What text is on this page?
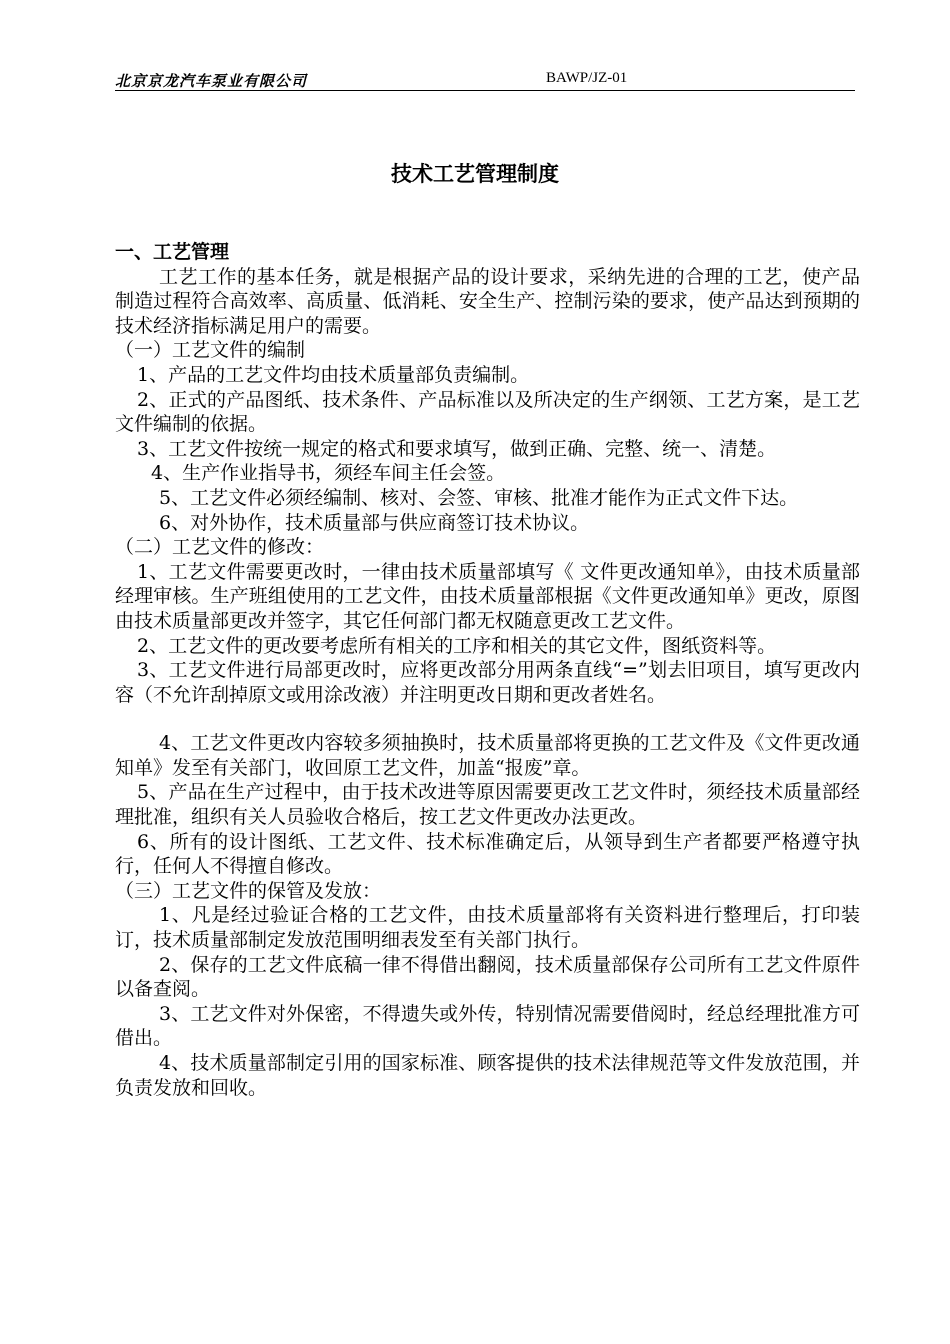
北京京龙汽车泵业有限公司	BAWP/JZ-01
技术工艺管理制度

一、工艺管理

工艺工作的基本任务，就是根据产品的设计要求，采纳先进的合理的工艺，使产品制造过程符合高效率、高质量、低消耗、安全生产、控制污染的要求，使产品达到预期的技术经济指标满足用户的需要。

（一）工艺文件的编制

1、产品的工艺文件均由技术质量部负责编制。

2、正式的产品图纸、技术条件、产品标准以及所决定的生产纲领、工艺方案，是工艺文件编制的依据。

3、工艺文件按统一规定的格式和要求填写，做到正确、完整、统一、清楚。

4、生产作业指导书，须经车间主任会签。

5、工艺文件必须经编制、核对、会签、审核、批准才能作为正式文件下达。

6、对外协作，技术质量部与供应商签订技术协议。

（二）工艺文件的修改：

1、工艺文件需要更改时，一律由技术质量部填写《 文件更改通知单》，由技术质量部经理审核。生产班组使用的工艺文件，由技术质量部根据《文件更改通知单》更改，原图由技术质量部更改并签字，其它任何部门都无权随意更改工艺文件。

2、工艺文件的更改要考虑所有相关的工序和相关的其它文件，图纸资料等。

3、工艺文件进行局部更改时，应将更改部分用两条直线“=”划去旧项目，填写更改内容（不允许刮掉原文或用涂改液）并注明更改日期和更改者姓名。

4、工艺文件更改内容较多须抽换时，技术质量部将更换的工艺文件及《文件更改通知单》发至有关部门，收回原工艺文件，加盖“报废”章。

5、产品在生产过程中，由于技术改进等原因需要更改工艺文件时，须经技术质量部经理批准，组织有关人员验收合格后，按工艺文件更改办法更改。

6、所有的设计图纸、工艺文件、技术标准确定后，从领导到生产者都要严格遵守执行，任何人不得擅自修改。

（三）工艺文件的保管及发放：

1、凡是经过验证合格的工艺文件，由技术质量部将有关资料进行整理后，打印装订，技术质量部制定发放范围明细表发至有关部门执行。

2、保存的工艺文件底稿一律不得借出翻阅，技术质量部保存公司所有工艺文件原件以备查阅。

3、工艺文件对外保密，不得遗失或外传，特别情况需要借阅时，经总经理批准方可借出。

4、技术质量部制定引用的国家标准、顾客提供的技术法律规范等文件发放范围，并负责发放和回收。
